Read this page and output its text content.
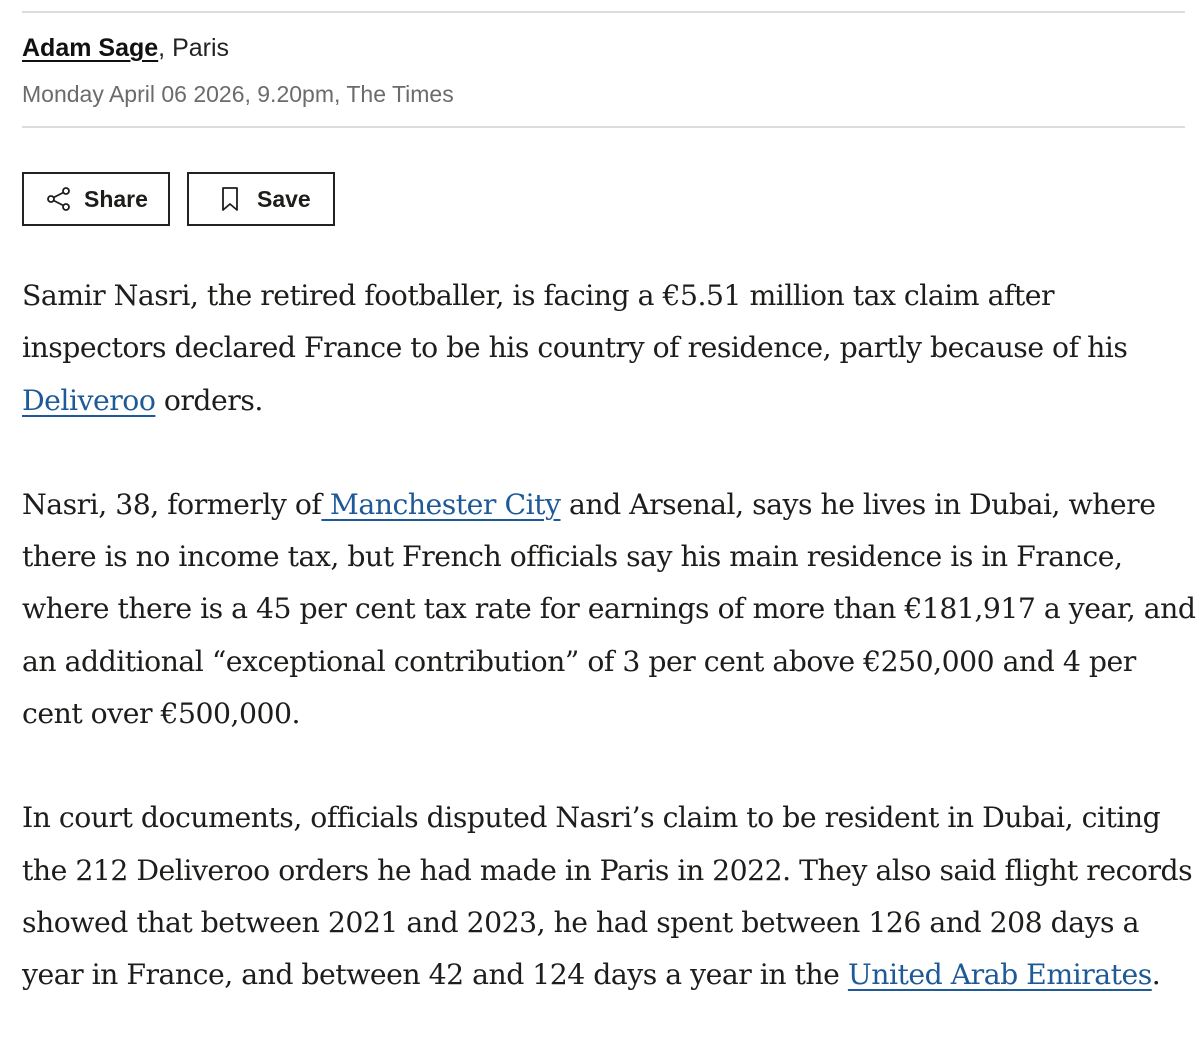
Adam Sage, Paris
Monday April 06 2026, 9.20pm, The Times
Share	Save

Samir Nasri, the retired footballer, is facing a €5.51 million tax claim after inspectors declared France to be his country of residence, partly because of his Deliveroo orders.

Nasri, 38, formerly of Manchester City and Arsenal, says he lives in Dubai, where there is no income tax, but French officials say his main residence is in France, where there is a 45 per cent tax rate for earnings of more than €181,917 a year, and an additional “exceptional contribution” of 3 per cent above €250,000 and 4 per cent over €500,000.

In court documents, officials disputed Nasri’s claim to be resident in Dubai, citing the 212 Deliveroo orders he had made in Paris in 2022. They also said flight records showed that between 2021 and 2023, he had spent between 126 and 208 days a year in France, and between 42 and 124 days a year in the United Arab Emirates.
